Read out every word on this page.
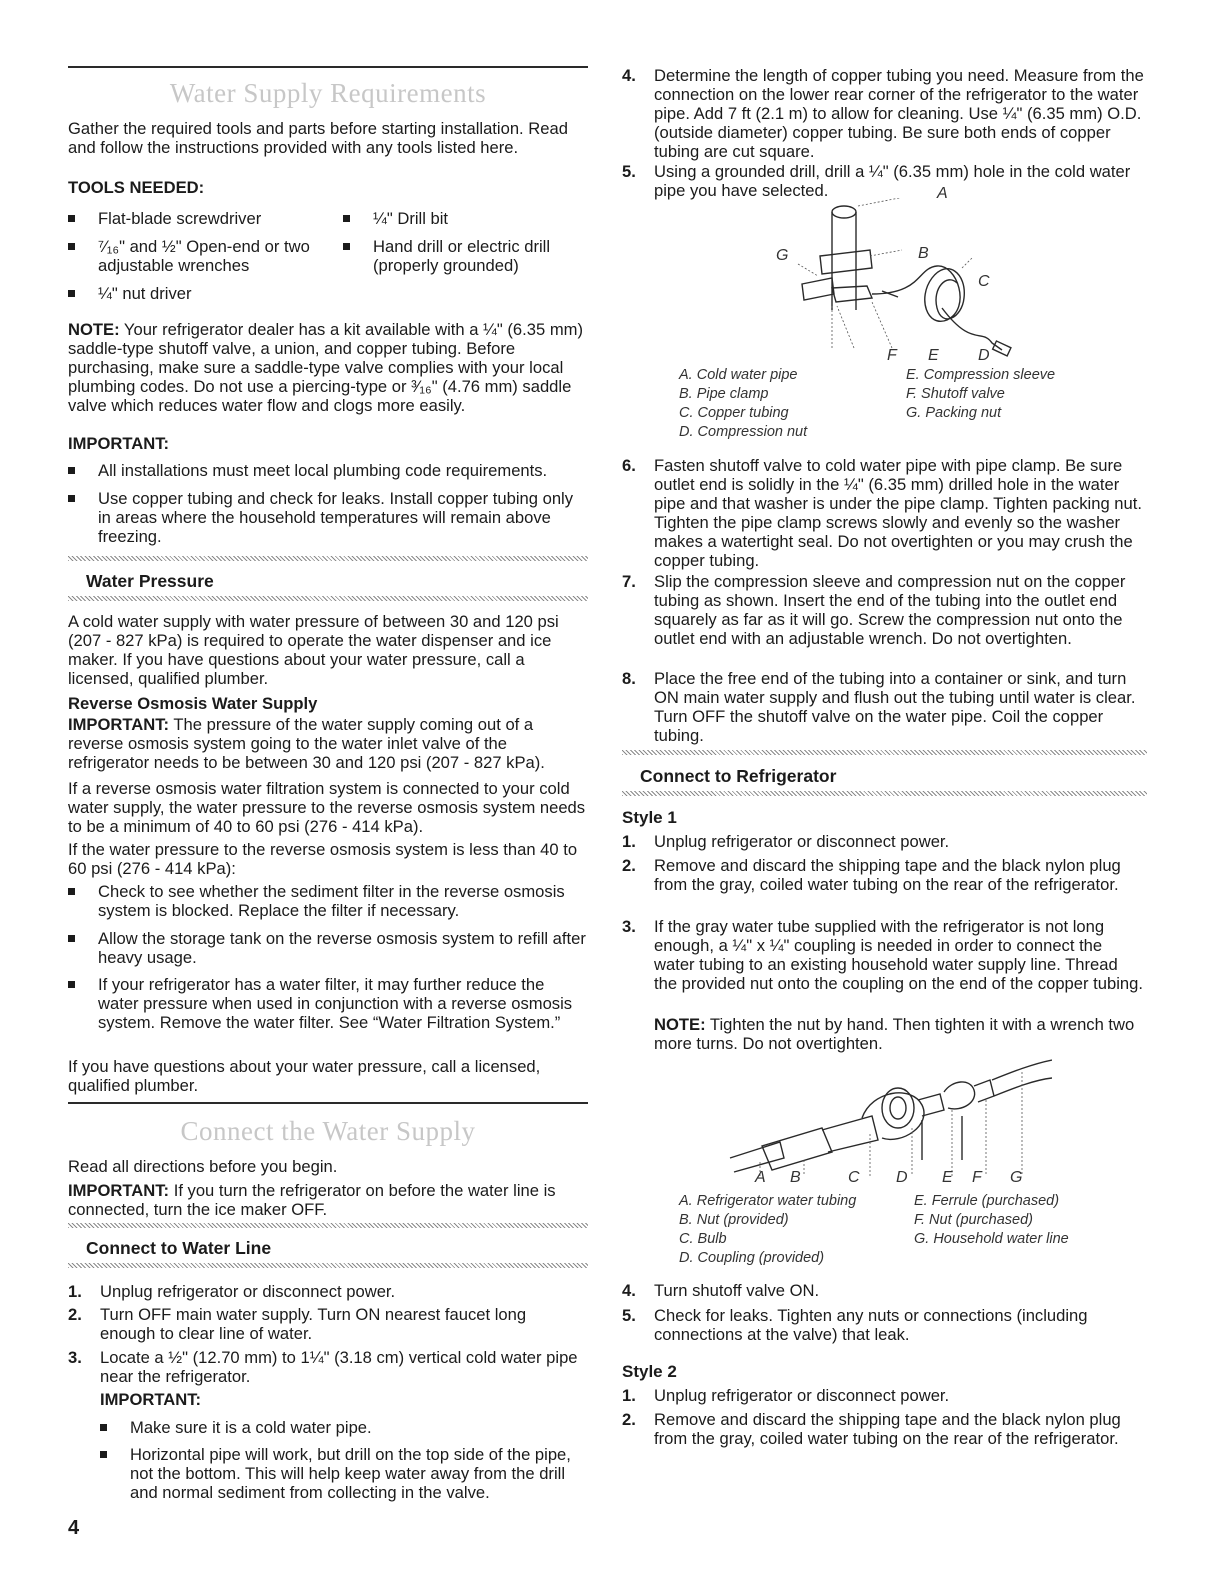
Water Supply Requirements

Gather the required tools and parts before starting installation. Read and follow the instructions provided with any tools listed here.

TOOLS NEEDED:
Flat-blade screwdriver
⁷⁄₁₆" and ½" Open-end or two adjustable wrenches
¼" nut driver
¼" Drill bit
Hand drill or electric drill (properly grounded)

NOTE: Your refrigerator dealer has a kit available with a ¼" (6.35 mm) saddle-type shutoff valve, a union, and copper tubing. Before purchasing, make sure a saddle-type valve complies with your local plumbing codes. Do not use a piercing-type or ³⁄₁₆" (4.76 mm) saddle valve which reduces water flow and clogs more easily.

IMPORTANT:
All installations must meet local plumbing code requirements.
Use copper tubing and check for leaks. Install copper tubing only in areas where the household temperatures will remain above freezing.
Water Pressure

A cold water supply with water pressure of between 30 and 120 psi (207 - 827 kPa) is required to operate the water dispenser and ice maker. If you have questions about your water pressure, call a licensed, qualified plumber.

Reverse Osmosis Water Supply

IMPORTANT: The pressure of the water supply coming out of a reverse osmosis system going to the water inlet valve of the refrigerator needs to be between 30 and 120 psi (207 - 827 kPa).

If a reverse osmosis water filtration system is connected to your cold water supply, the water pressure to the reverse osmosis system needs to be a minimum of 40 to 60 psi (276 - 414 kPa).

If the water pressure to the reverse osmosis system is less than 40 to 60 psi (276 - 414 kPa):

Check to see whether the sediment filter in the reverse osmosis system is blocked. Replace the filter if necessary.
Allow the storage tank on the reverse osmosis system to refill after heavy usage.
If your refrigerator has a water filter, it may further reduce the water pressure when used in conjunction with a reverse osmosis system. Remove the water filter. See “Water Filtration System.”

If you have questions about your water pressure, call a licensed, qualified plumber.

Connect the Water Supply

Read all directions before you begin.

IMPORTANT: If you turn the refrigerator on before the water line is connected, turn the ice maker OFF.

Connect to Water Line
1. Unplug refrigerator or disconnect power.
2. Turn OFF main water supply. Turn ON nearest faucet long enough to clear line of water.
3. Locate a ½" (12.70 mm) to 1¼" (3.18 cm) vertical cold water pipe near the refrigerator.
IMPORTANT:
Make sure it is a cold water pipe.
Horizontal pipe will work, but drill on the top side of the pipe, not the bottom. This will help keep water away from the drill and normal sediment from collecting in the valve.
4. Determine the length of copper tubing you need. Measure from the connection on the lower rear corner of the refrigerator to the water pipe. Add 7 ft (2.1 m) to allow for cleaning. Use ¼" (6.35 mm) O.D. (outside diameter) copper tubing. Be sure both ends of copper tubing are cut square.
5. Using a grounded drill, drill a ¼" (6.35 mm) hole in the cold water pipe you have selected.	A
B
C
D
G
F E
A. Cold water pipe
B. Pipe clamp
C. Copper tubing
D. Compression nut
E. Compression sleeve
F. Shutoff valve
G. Packing nut
6. Fasten shutoff valve to cold water pipe with pipe clamp. Be sure outlet end is solidly in the ¼" (6.35 mm) drilled hole in the water pipe and that washer is under the pipe clamp. Tighten packing nut. Tighten the pipe clamp screws slowly and evenly so the washer makes a watertight seal. Do not overtighten or you may crush the copper tubing.
7. Slip the compression sleeve and compression nut on the copper tubing as shown. Insert the end of the tubing into the outlet end squarely as far as it will go. Screw the compression nut onto the outlet end with an adjustable wrench. Do not overtighten.
8. Place the free end of the tubing into a container or sink, and turn ON main water supply and flush out the tubing until water is clear. Turn OFF the shutoff valve on the water pipe. Coil the copper tubing.
Connect to Refrigerator
Style 1
1. Unplug refrigerator or disconnect power.
2. Remove and discard the shipping tape and the black nylon plug from the gray, coiled water tubing on the rear of the refrigerator.
3. If the gray water tube supplied with the refrigerator is not long enough, a ¼" x ¼" coupling is needed in order to connect the water tubing to an existing household water supply line. Thread the provided nut onto the coupling on the end of the copper tubing.

NOTE: Tighten the nut by hand. Then tighten it with a wrench two more turns. Do not overtighten.

A B	C D E F G
A. Refrigerator water tubing
B. Nut (provided)
C. Bulb
D. Coupling (provided)
E. Ferrule (purchased)
F. Nut (purchased)
G. Household water line
4. Turn shutoff valve ON.
5. Check for leaks. Tighten any nuts or connections (including connections at the valve) that leak.
Style 2
1. Unplug refrigerator or disconnect power.
2. Remove and discard the shipping tape and the black nylon plug from the gray, coiled water tubing on the rear of the refrigerator.
4
